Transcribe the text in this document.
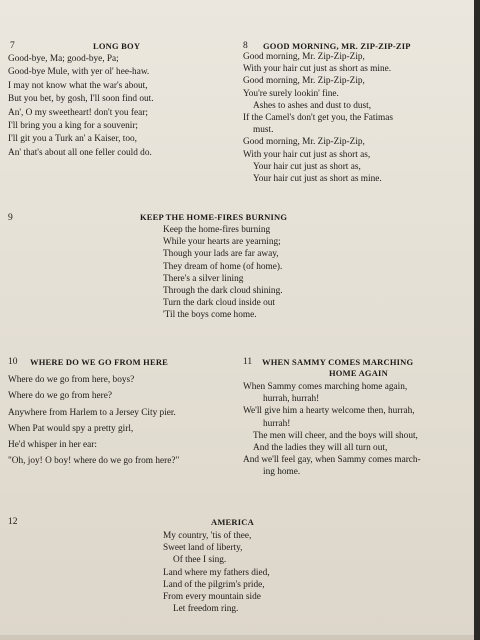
7	LONG BOY
Good-bye, Ma; good-bye, Pa;
Good-bye Mule, with yer ol' hee-haw.
I may not know what the war's about,
But you bet, by gosh, I'll soon find out.
An', O my sweetheart! don't you fear;
I'll bring you a king for a souvenir;
I'll git you a Turk an' a Kaiser, too,
An' that's about all one feller could do.
8 GOOD MORNING, MR. ZIP-ZIP-ZIP
Good morning, Mr. Zip-Zip-Zip,
With your hair cut just as short as mine.
Good morning, Mr. Zip-Zip-Zip,
You're surely lookin' fine.
Ashes to ashes and dust to dust,
If the Camel's don't get you, the Fatimas
must.
Good morning, Mr. Zip-Zip-Zip,
With your hair cut just as short as,
Your hair cut just as short as,
Your hair cut just as short as mine.
9	KEEP THE HOME-FIRES BURNING
Keep the home-fires burning
While your hearts are yearning;
Though your lads are far away,
They dream of home (of home).
There's a silver lining
Through the dark cloud shining.
Turn the dark cloud inside out
'Til the boys come home.
10 WHERE DO WE GO FROM HERE
Where do we go from here, boys?
Where do we go from here?
Anywhere from Harlem to a Jersey City pier.
When Pat would spy a pretty girl,
He'd whisper in her ear:
"Oh, joy! O boy! where do we go from here?"
11 WHEN SAMMY COMES MARCHING
HOME AGAIN
When Sammy comes marching home again,
hurrah, hurrah!
We'll give him a hearty welcome then, hurrah,
hurrah!
The men will cheer, and the boys will shout,
And the ladies they will all turn out,
And we'll feel gay, when Sammy comes march-
ing home.
12	AMERICA
My country, 'tis of thee,
Sweet land of liberty,
Of thee I sing.
Land where my fathers died,
Land of the pilgrim's pride,
From every mountain side
Let freedom ring.
